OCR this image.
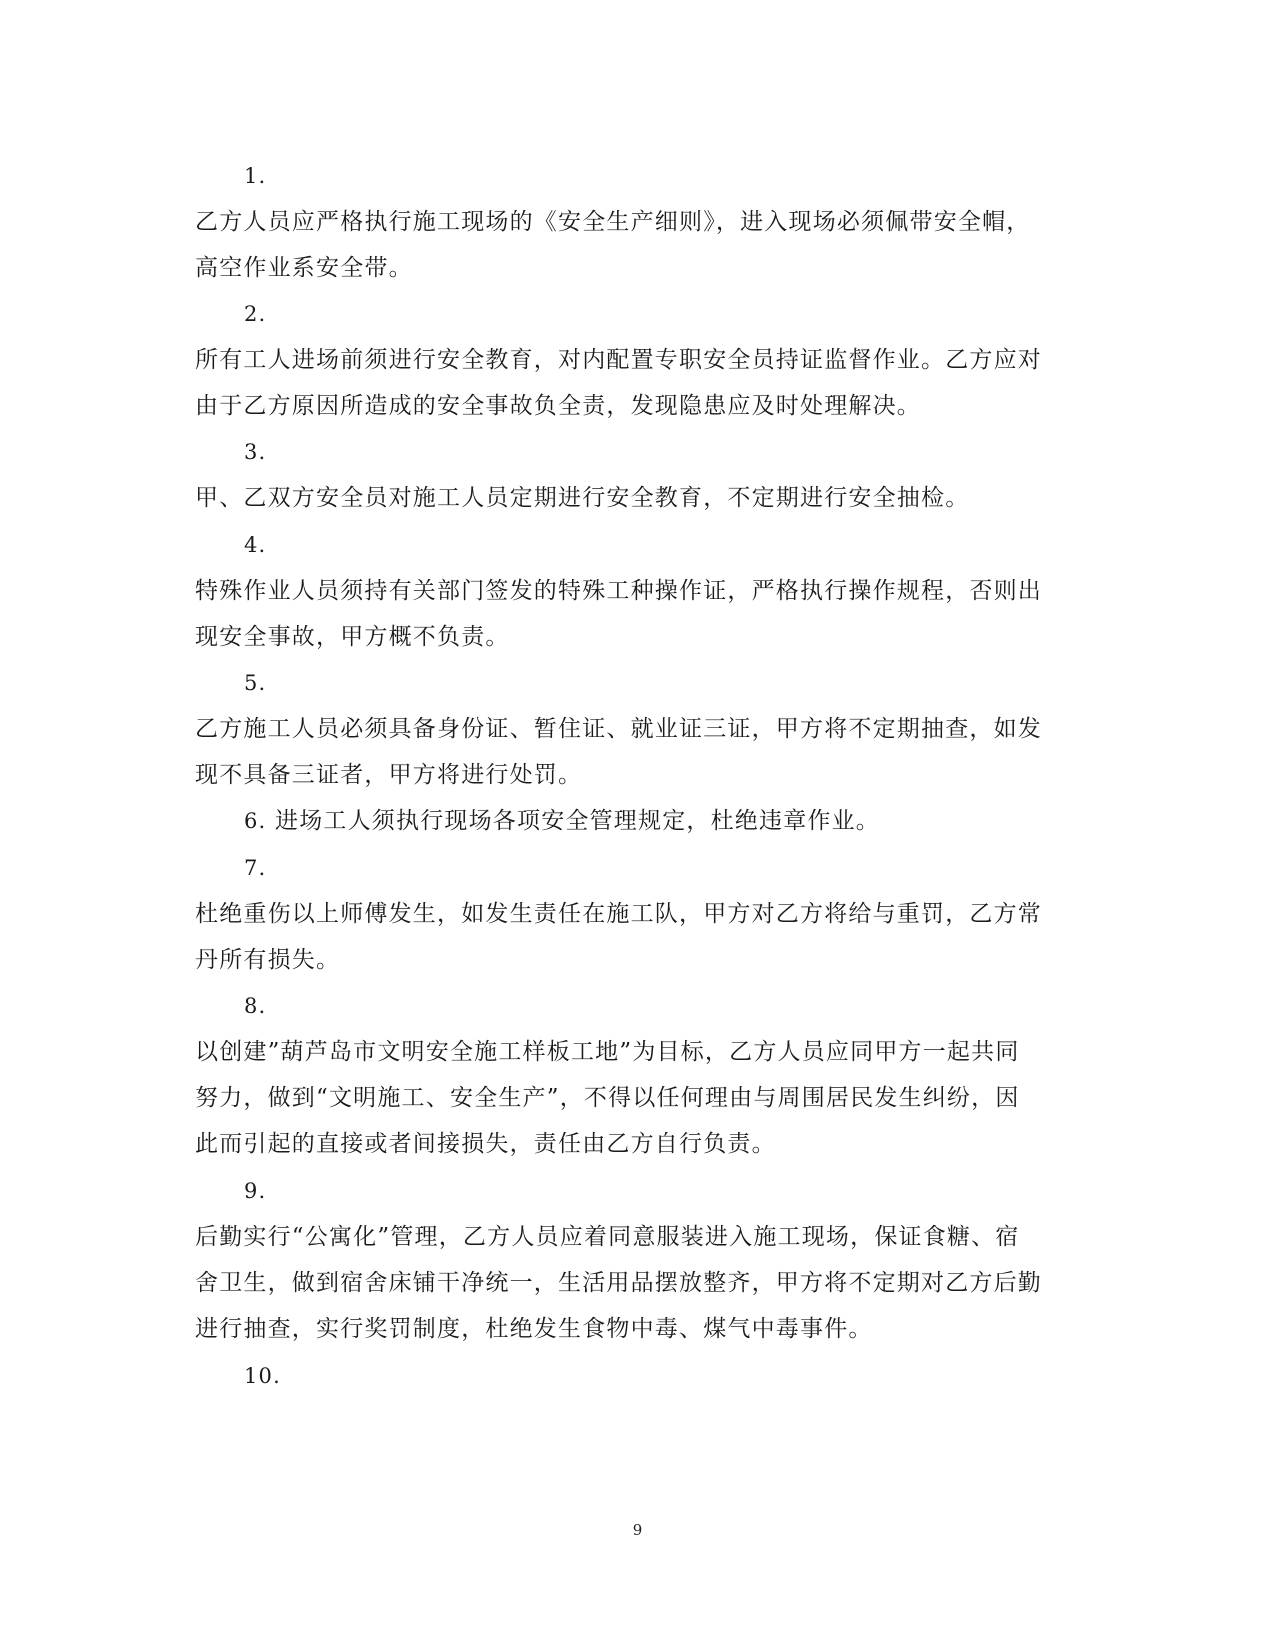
1.
乙方人员应严格执行施工现场的《安全生产细则》，进入现场必须佩带安全帽，
高空作业系安全带。
2.
所有工人进场前须进行安全教育，对内配置专职安全员持证监督作业。乙方应对
由于乙方原因所造成的安全事故负全责，发现隐患应及时处理解决。
3.
甲、乙双方安全员对施工人员定期进行安全教育，不定期进行安全抽检。
4.
特殊作业人员须持有关部门签发的特殊工种操作证，严格执行操作规程，否则出
现安全事故，甲方概不负责。
5.
乙方施工人员必须具备身份证、暂住证、就业证三证，甲方将不定期抽查，如发
现不具备三证者，甲方将进行处罚。
6. 进场工人须执行现场各项安全管理规定，杜绝违章作业。
7.
杜绝重伤以上师傅发生，如发生责任在施工队，甲方对乙方将给与重罚，乙方常
丹所有损失。
8.
以创建”葫芦岛市文明安全施工样板工地”为目标，乙方人员应同甲方一起共同
努力，做到“文明施工、安全生产”，不得以任何理由与周围居民发生纠纷，因
此而引起的直接或者间接损失，责任由乙方自行负责。
9.
后勤实行“公寓化”管理，乙方人员应着同意服装进入施工现场，保证食糖、宿
舍卫生，做到宿舍床铺干净统一，生活用品摆放整齐，甲方将不定期对乙方后勤
进行抽查，实行奖罚制度，杜绝发生食物中毒、煤气中毒事件。
10.
9
